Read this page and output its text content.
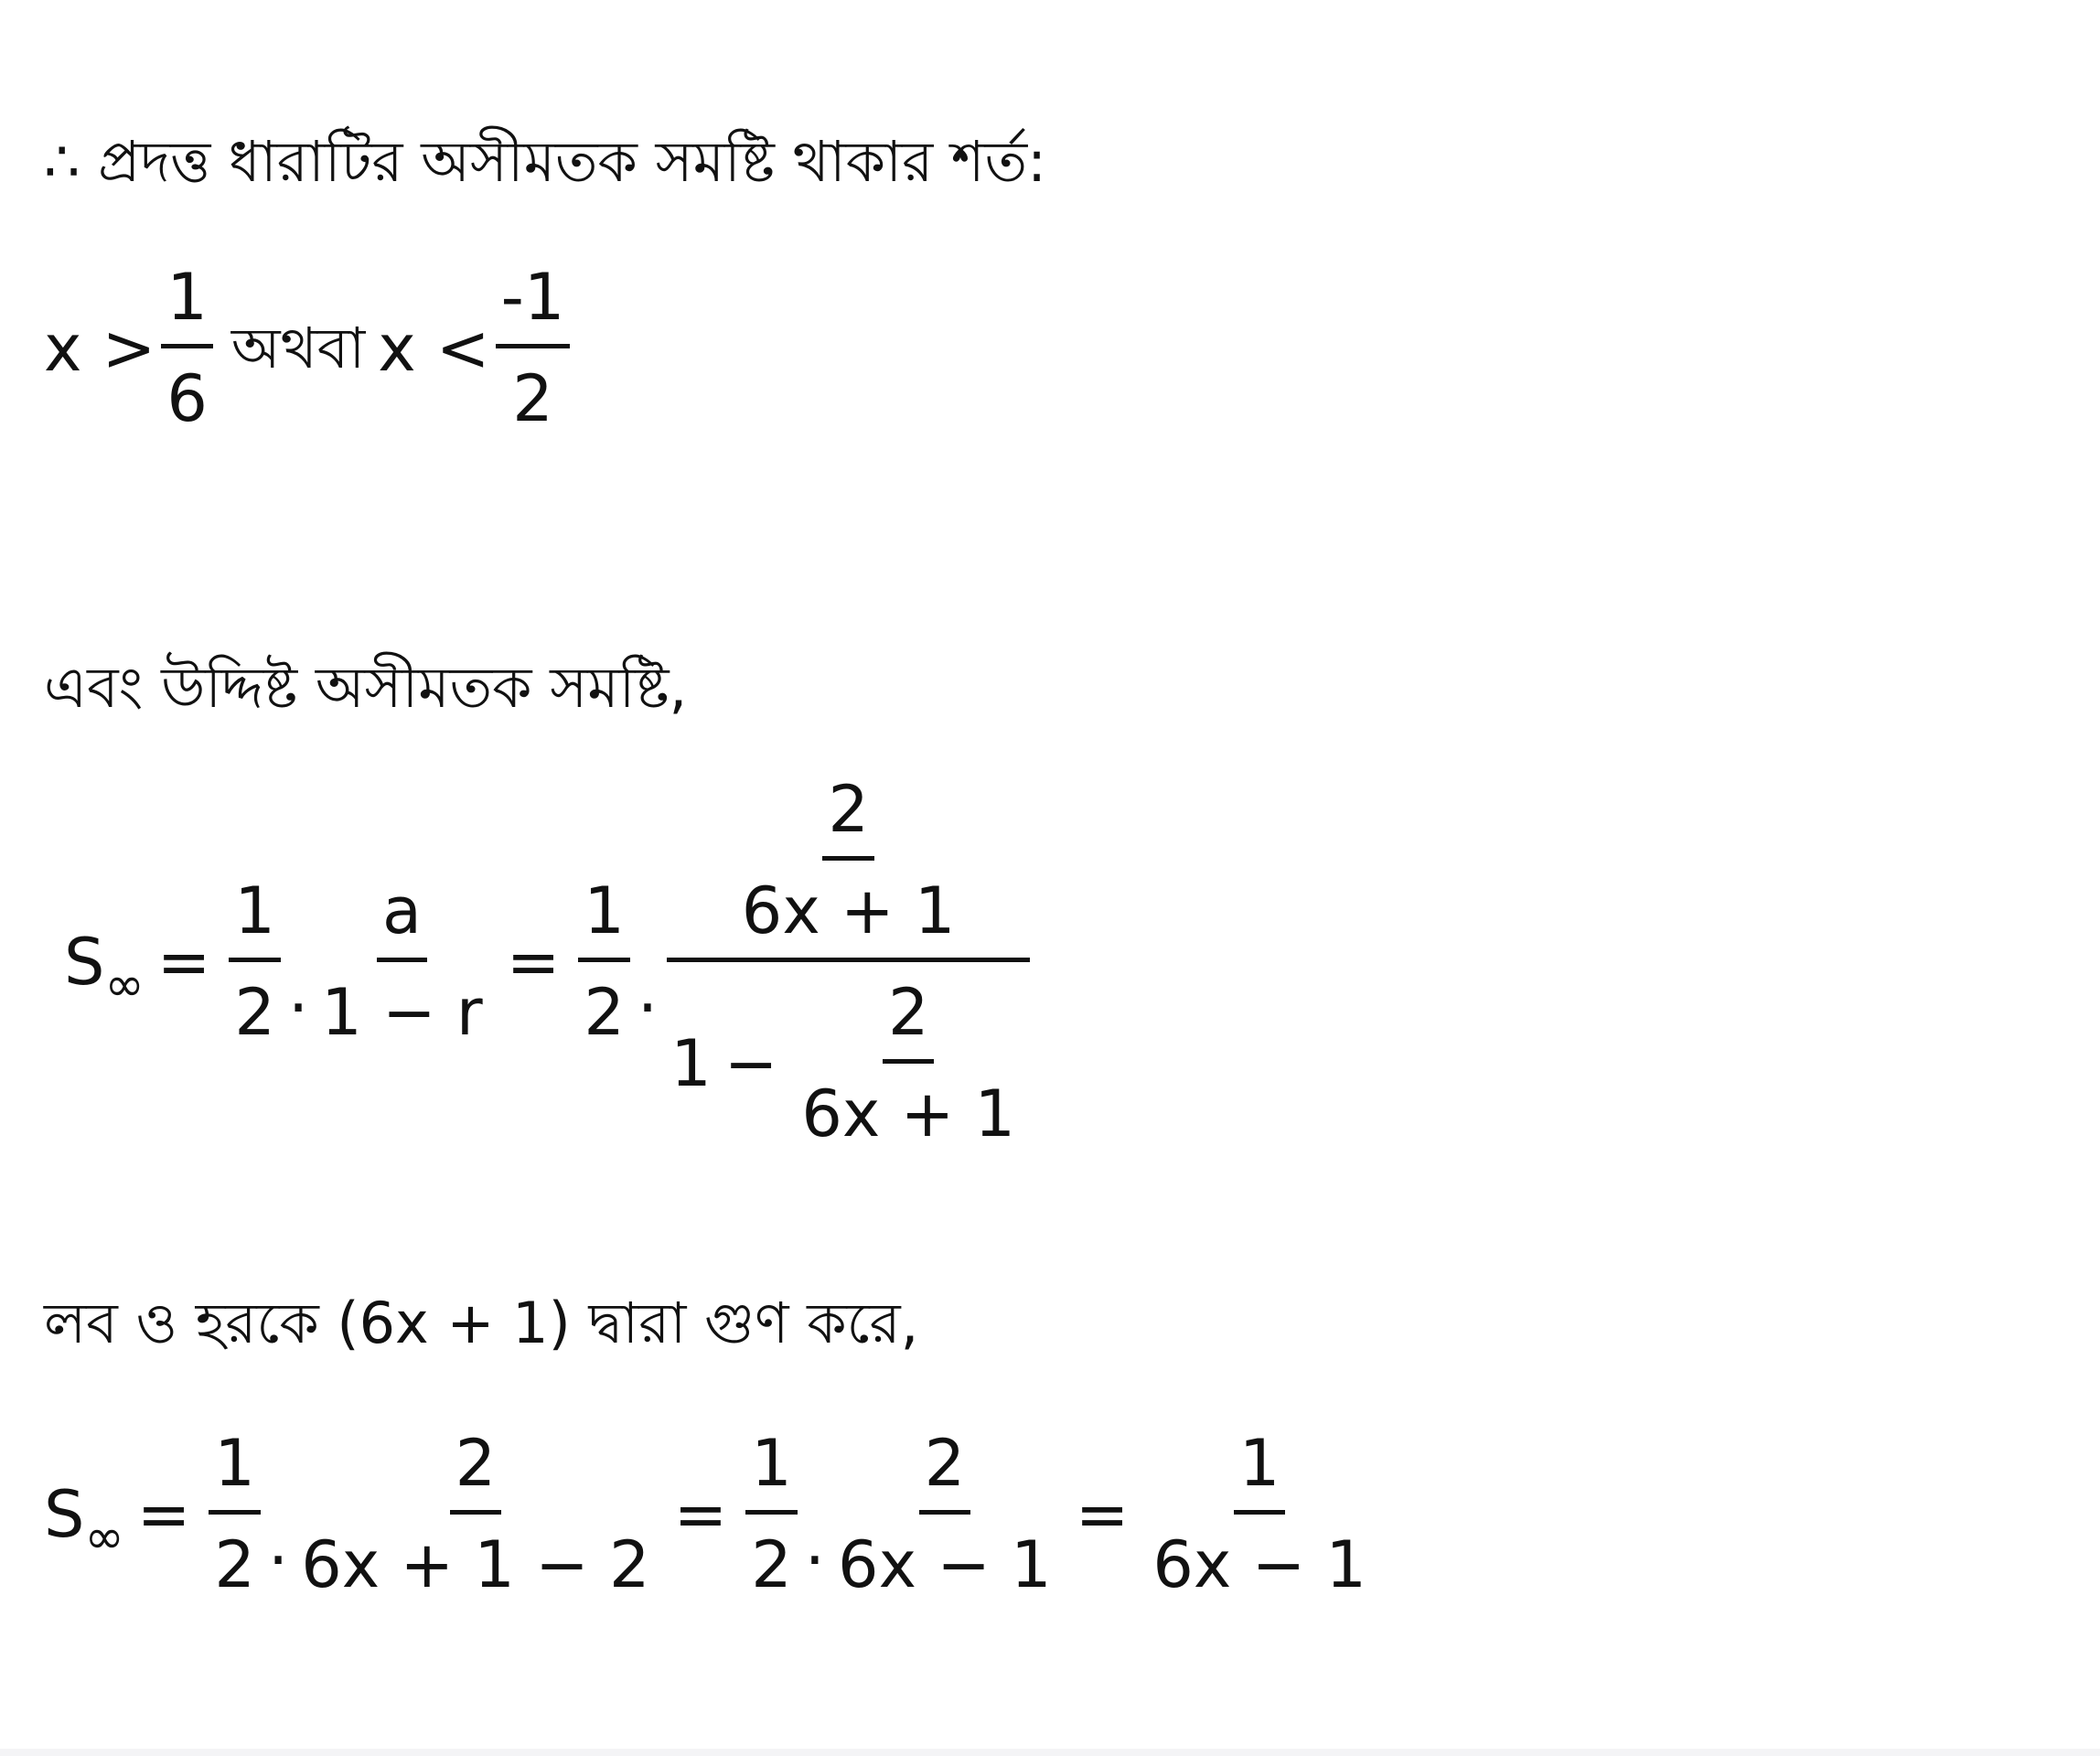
∴ প্রদত্ত ধারাটির অসীমতক সমষ্টি থাকার শর্ত:
$x > \frac{1}{6}$ অথবা $x < \frac{-1}{2}$
এবং উদ্দিষ্ট অসীমতক সমষ্টি,
$S_\infty = \frac{1}{2}$ . $\frac{a}{1 - r} = \frac{1}{2}$ . $\frac{\frac{2}{6x + 1}}{1 - \frac{2}{6x + 1}}$
লব ও হরকে (6x + 1) দ্বারা গুণ করে,
$S_\infty = \frac{1}{2}$ . $\frac{2}{6x + 1 - 2} = \frac{1}{2}$ . $\frac{2}{6x - 1} = \frac{1}{6x - 1}$
